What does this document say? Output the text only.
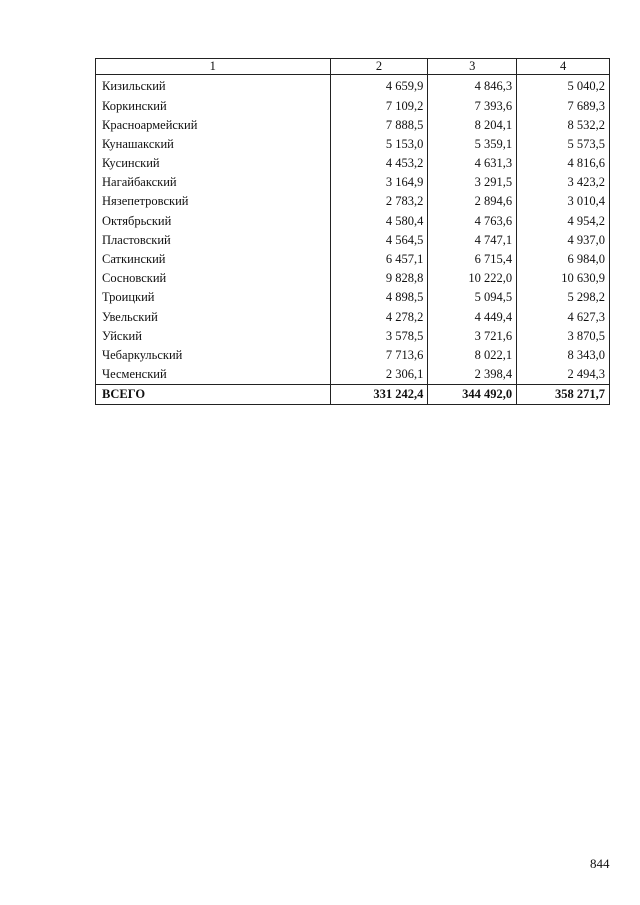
1	2	3	4
Кизильский	4 659,9	4 846,3	5 040,2
Коркинский	7 109,2	7 393,6	7 689,3
Красноармейский	7 888,5	8 204,1	8 532,2
Кунашакский	5 153,0	5 359,1	5 573,5
Кусинский	4 453,2	4 631,3	4 816,6
Нагайбакский	3 164,9	3 291,5	3 423,2
Нязепетровский	2 783,2	2 894,6	3 010,4
Октябрьский	4 580,4	4 763,6	4 954,2
Пластовский	4 564,5	4 747,1	4 937,0
Саткинский	6 457,1	6 715,4	6 984,0
Сосновский	9 828,8	10 222,0	10 630,9
Троицкий	4 898,5	5 094,5	5 298,2
Увельский	4 278,2	4 449,4	4 627,3
Уйский	3 578,5	3 721,6	3 870,5
Чебаркульский	7 713,6	8 022,1	8 343,0
Чесменский	2 306,1	2 398,4	2 494,3
ВСЕГО	331 242,4	344 492,0	358 271,7
844
